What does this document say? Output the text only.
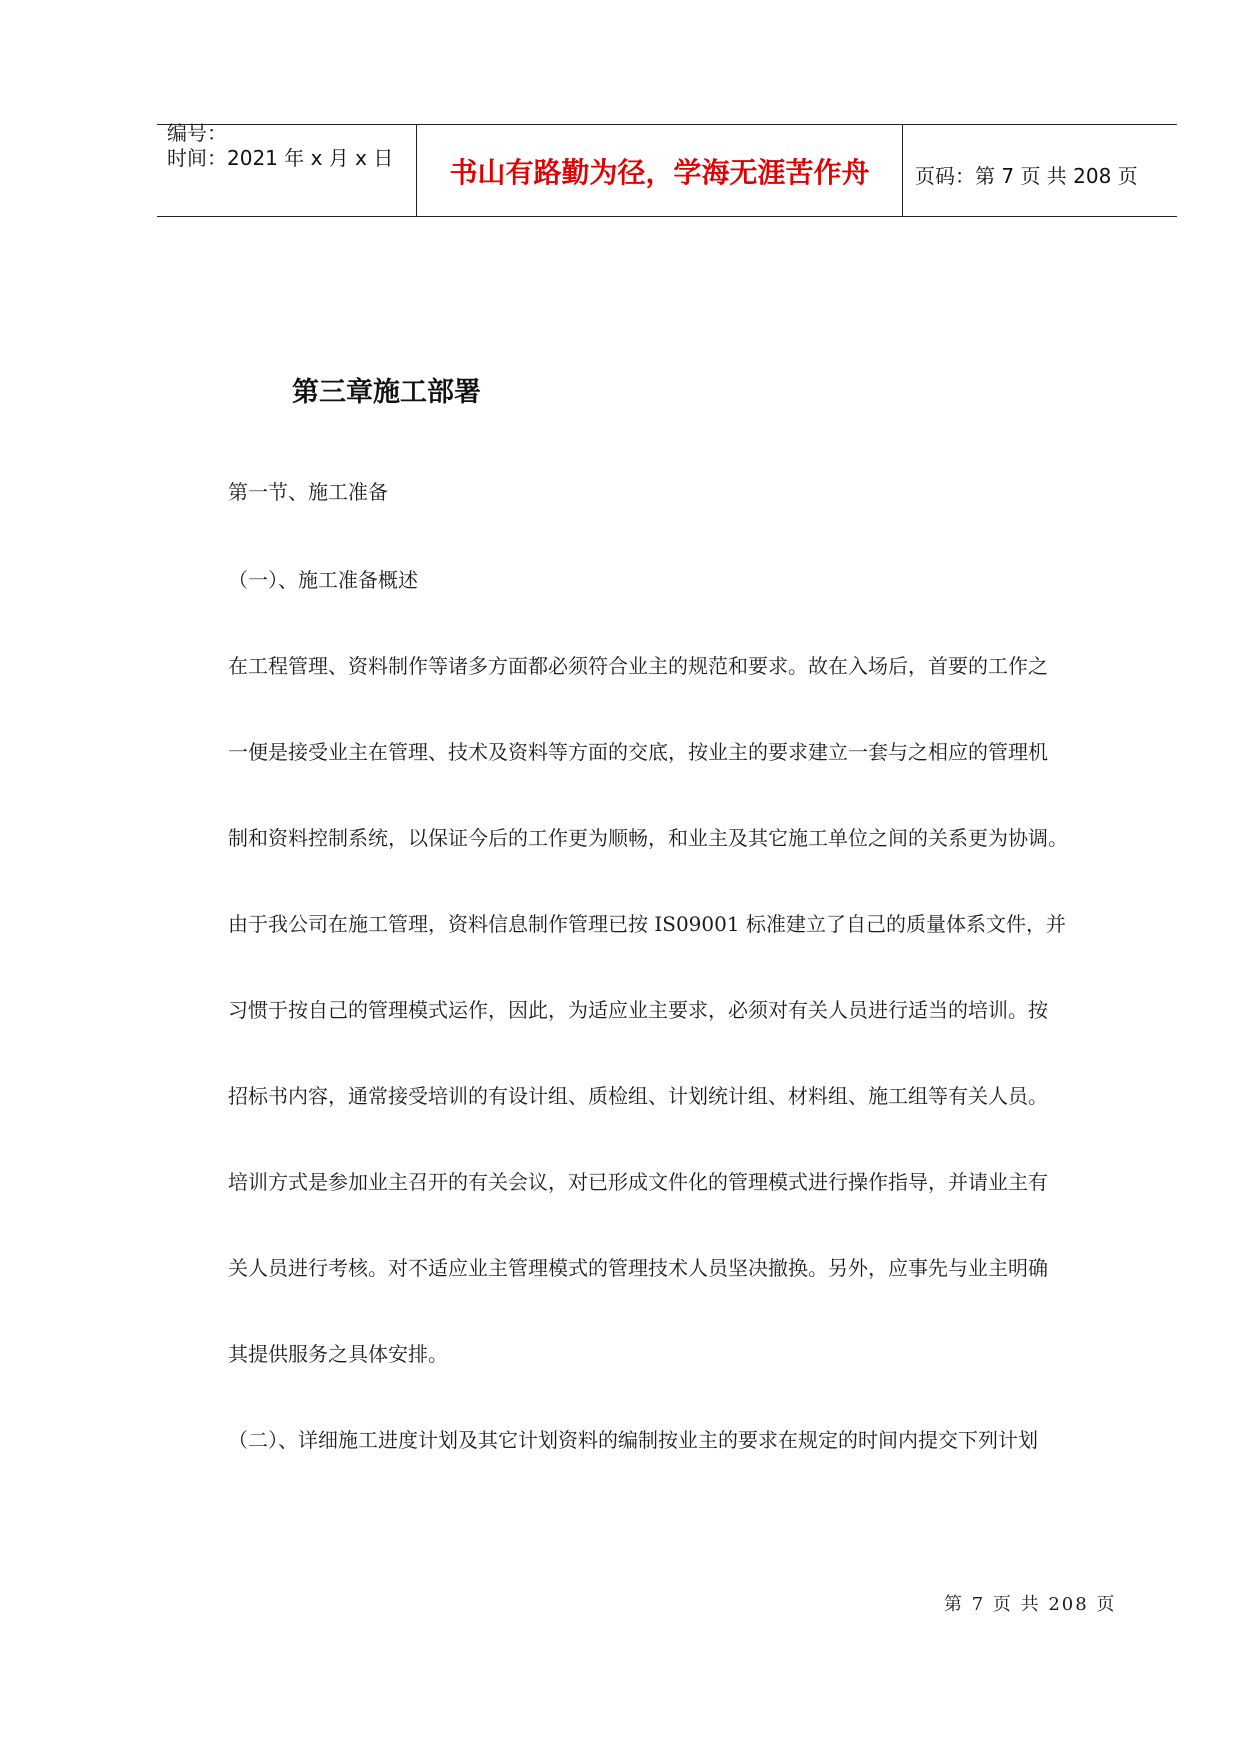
编号：
时间：2021 年 x 月 x 日	书山有路勤为径，学海无涯苦作舟	页码：第 7 页 共 208 页
第三章施工部署
第一节、施工准备
（一）、施工准备概述
在工程管理、资料制作等诸多方面都必须符合业主的规范和要求。故在入场后，首要的工作之
一便是接受业主在管理、技术及资料等方面的交底，按业主的要求建立一套与之相应的管理机
制和资料控制系统，以保证今后的工作更为顺畅，和业主及其它施工单位之间的关系更为协调。
由于我公司在施工管理，资料信息制作管理已按 IS09001 标准建立了自己的质量体系文件，并
习惯于按自己的管理模式运作，因此，为适应业主要求，必须对有关人员进行适当的培训。按
招标书内容，通常接受培训的有设计组、质检组、计划统计组、材料组、施工组等有关人员。
培训方式是参加业主召开的有关会议，对已形成文件化的管理模式进行操作指导，并请业主有
关人员进行考核。对不适应业主管理模式的管理技术人员坚决撤换。另外，应事先与业主明确
其提供服务之具体安排。
（二）、详细施工进度计划及其它计划资料的编制按业主的要求在规定的时间内提交下列计划
第 7 页 共 208 页
